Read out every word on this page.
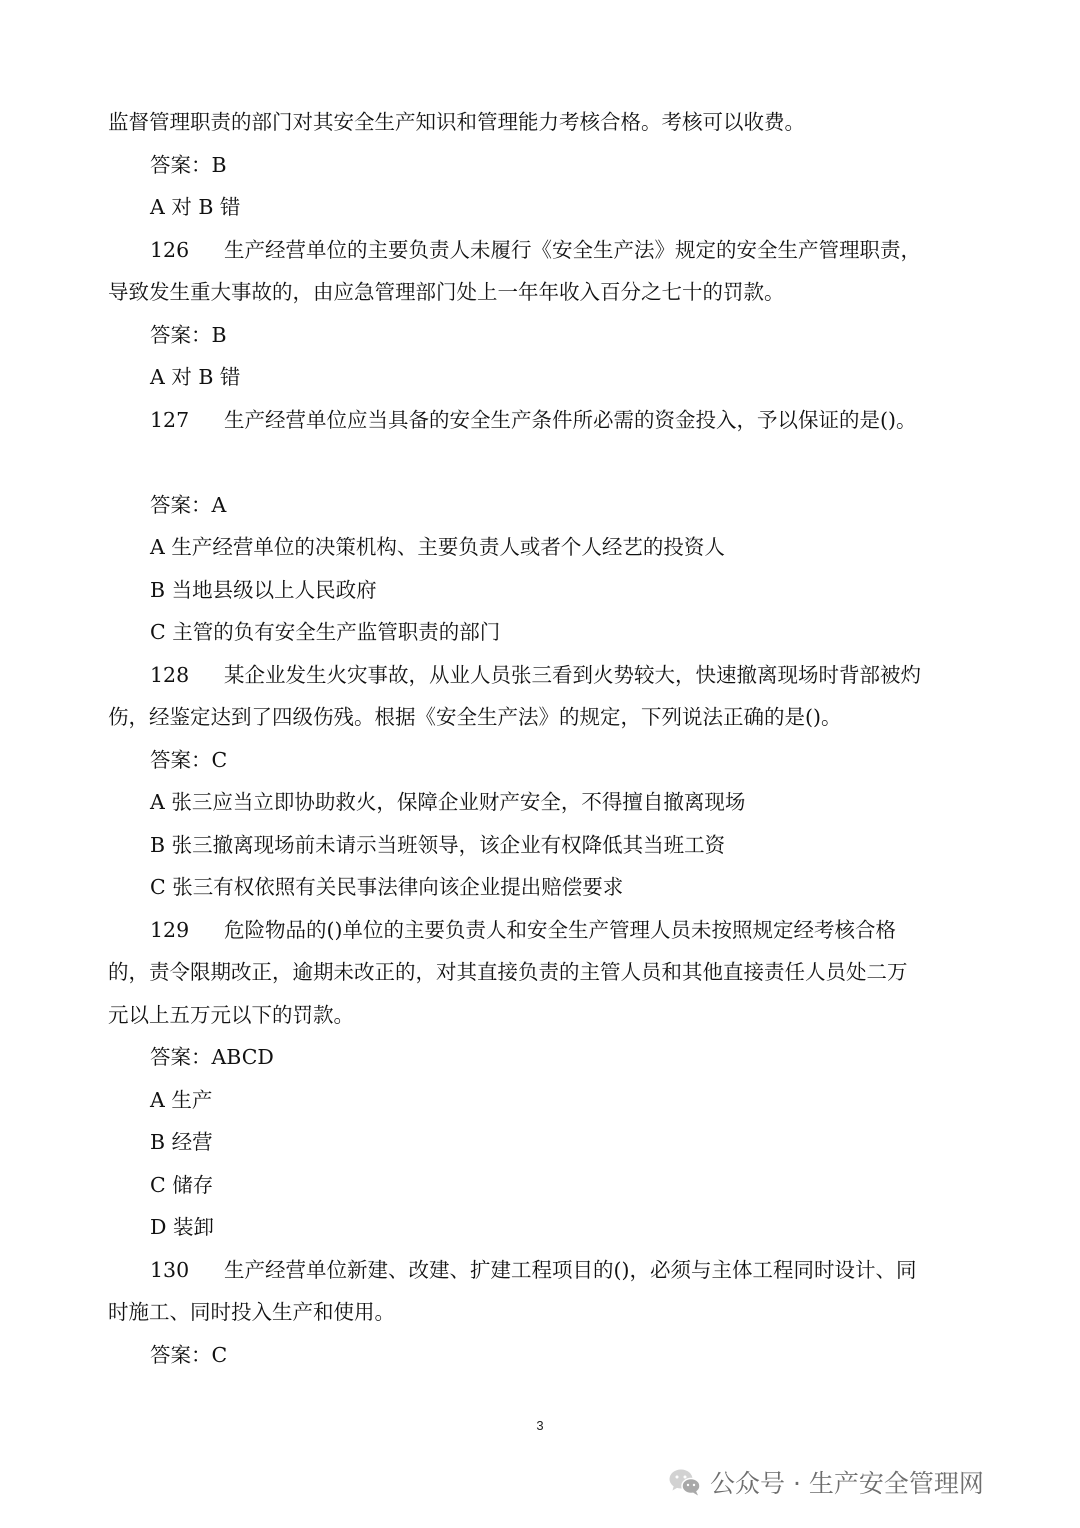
监督管理职责的部门对其安全生产知识和管理能力考核合格。考核可以收费。

答案：B

A 对 B 错

126 生产经营单位的主要负责人未履行《安全生产法》规定的安全生产管理职责，

导致发生重大事故的，由应急管理部门处上一年年收入百分之七十的罚款。

答案：B

A 对 B 错

127 生产经营单位应当具备的安全生产条件所必需的资金投入，予以保证的是()。

答案：A

A 生产经营单位的决策机构、主要负责人或者个人经艺的投资人

B 当地县级以上人民政府

C 主管的负有安全生产监管职责的部门

128 某企业发生火灾事故，从业人员张三看到火势较大，快速撤离现场时背部被灼

伤，经鉴定达到了四级伤残。根据《安全生产法》的规定，下列说法正确的是()。

答案：C

A 张三应当立即协助救火，保障企业财产安全，不得擅自撤离现场

B 张三撤离现场前未请示当班领导，该企业有权降低其当班工资

C 张三有权依照有关民事法律向该企业提出赔偿要求

129 危险物品的()单位的主要负责人和安全生产管理人员未按照规定经考核合格

的，责令限期改正，逾期未改正的，对其直接负责的主管人员和其他直接责任人员处二万

元以上五万元以下的罚款。

答案：ABCD

A 生产

B 经营

C 储存

D 装卸

130 生产经营单位新建、改建、扩建工程项目的()，必须与主体工程同时设计、同

时施工、同时投入生产和使用。

答案：C

3
公众号 · 生产安全管理网
